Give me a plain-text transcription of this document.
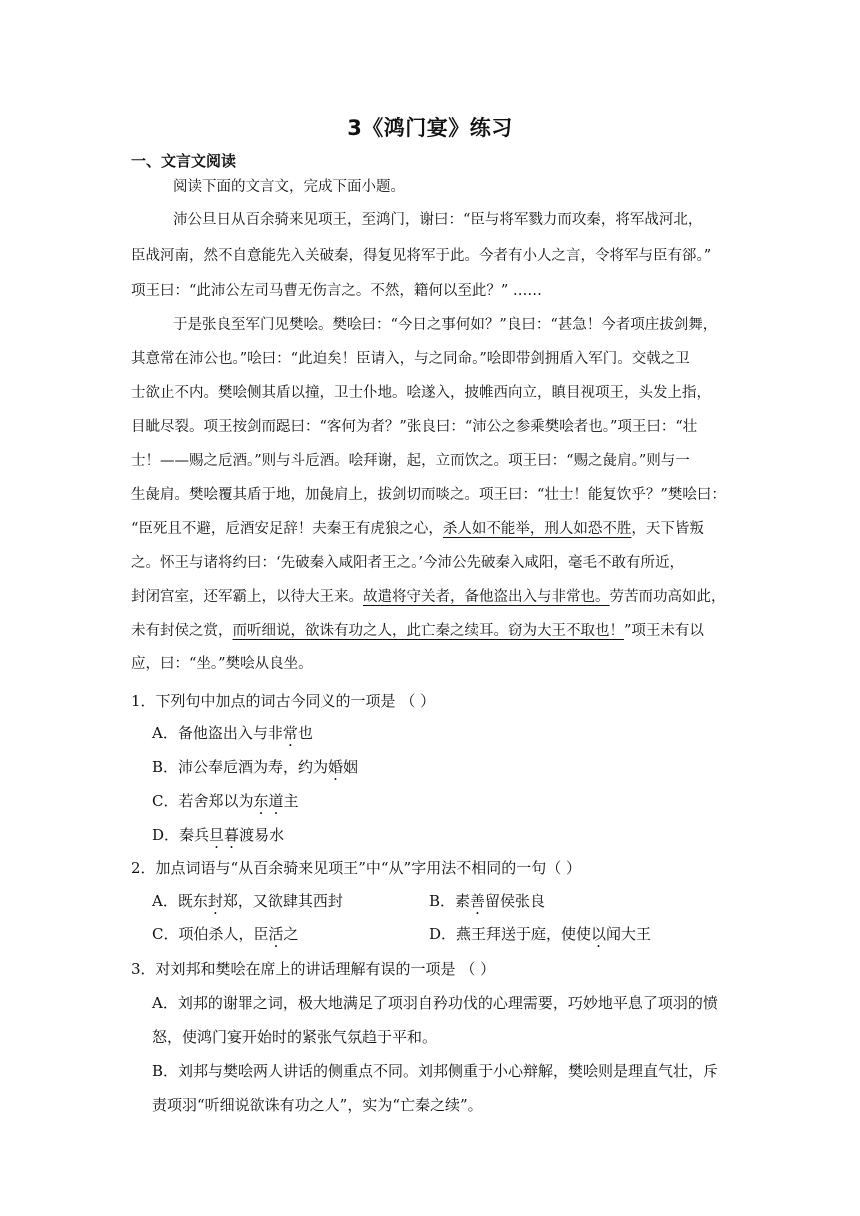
3《鸿门宴》练习
一、文言文阅读
阅读下面的文言文，完成下面小题。
沛公旦日从百余骑来见项王，至鸿门，谢曰：“臣与将军戮力而攻秦，将军战河北，
臣战河南，然不自意能先入关破秦，得复见将军于此。今者有小人之言，令将军与臣有郤。”
项王曰：“此沛公左司马曹无伤言之。不然，籍何以至此？” ……
于是张良至军门见樊哙。樊哙曰：“今日之事何如？”良曰：“甚急！今者项庄拔剑舞，
其意常在沛公也。”哙曰：“此迫矣！臣请入，与之同命。”哙即带剑拥盾入军门。交戟之卫
士欲止不内。樊哙侧其盾以撞，卫士仆地。哙遂入，披帷西向立，瞋目视项王，头发上指，
目眦尽裂。项王按剑而跽曰：“客何为者？”张良曰：“沛公之参乘樊哙者也。”项王曰：“壮
士！——赐之卮酒。”则与斗卮酒。哙拜谢，起，立而饮之。项王曰：“赐之彘肩。”则与一
生彘肩。樊哙覆其盾于地，加彘肩上，拔剑切而啖之。项王曰：“壮士！能复饮乎？”樊哙曰：
“臣死且不避，卮酒安足辞！夫秦王有虎狼之心，杀人如不能举，刑人如恐不胜，天下皆叛
之。怀王与诸将约曰：‘先破秦入咸阳者王之。’今沛公先破秦入咸阳，毫毛不敢有所近，
封闭宫室，还军霸上，以待大王来。故遣将守关者，备他盗出入与非常也。劳苦而功高如此，
未有封侯之赏，而听细说，欲诛有功之人，此亡秦之续耳。窃为大王不取也！”项王未有以
应，曰：“坐。”樊哙从良坐。
1．下列句中加点的词古今同义的一项是 （ ）
A．备他盗出入与非常也
B．沛公奉卮酒为寿，约为婚姻
C．若舍郑以为东道主
D．秦兵旦暮渡易水
2．加点词语与“从百余骑来见项王”中“从”字用法不相同的一句（ ）
A．既东封郑，又欲肆其西封	B．素善留侯张良
C．项伯杀人，臣活之	D．燕王拜送于庭，使使以闻大王
3．对刘邦和樊哙在席上的讲话理解有误的一项是 （ ）
A．刘邦的谢罪之词，极大地满足了项羽自矜功伐的心理需要，巧妙地平息了项羽的愤
怒，使鸿门宴开始时的紧张气氛趋于平和。
B．刘邦与樊哙两人讲话的侧重点不同。刘邦侧重于小心辩解，樊哙则是理直气壮，斥
责项羽“听细说欲诛有功之人”，实为“亡秦之续”。
